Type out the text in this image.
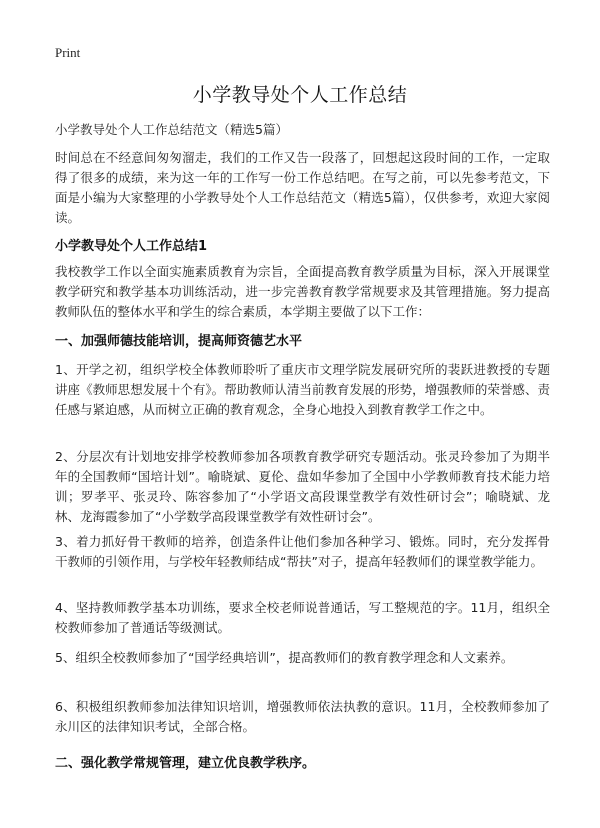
Print
小学教导处个人工作总结
小学教导处个人工作总结范文（精选5篇）
时间总在不经意间匆匆溜走，我们的工作又告一段落了，回想起这段时间的工作，一定取得了很多的成绩，来为这一年的工作写一份工作总结吧。在写之前，可以先参考范文，下面是小编为大家整理的小学教导处个人工作总结范文（精选5篇），仅供参考，欢迎大家阅读。
小学教导处个人工作总结1
我校教学工作以全面实施素质教育为宗旨，全面提高教育教学质量为目标，深入开展课堂教学研究和教学基本功训练活动，进一步完善教育教学常规要求及其管理措施。努力提高教师队伍的整体水平和学生的综合素质，本学期主要做了以下工作：
一、加强师德技能培训，提高师资德艺水平
1、开学之初，组织学校全体教师聆听了重庆市文理学院发展研究所的裴跃进教授的专题讲座《教师思想发展十个有》。帮助教师认清当前教育发展的形势，增强教师的荣誉感、责任感与紧迫感，从而树立正确的教育观念，全身心地投入到教育教学工作之中。
2、分层次有计划地安排学校教师参加各项教育教学研究专题活动。张灵玲参加了为期半年的全国教师“国培计划”。喻晓斌、夏伦、盘如华参加了全国中小学教师教育技术能力培训；罗孝平、张灵玲、陈容参加了“小学语文高段课堂教学有效性研讨会”；喻晓斌、龙林、龙海霞参加了“小学数学高段课堂教学有效性研讨会”。
3、着力抓好骨干教师的培养，创造条件让他们参加各种学习、锻炼。同时，充分发挥骨干教师的引领作用，与学校年轻教师结成“帮扶”对子，提高年轻教师们的课堂教学能力。
4、坚持教师教学基本功训练，要求全校老师说普通话，写工整规范的字。11月，组织全校教师参加了普通话等级测试。
5、组织全校教师参加了“国学经典培训”，提高教师们的教育教学理念和人文素养。
6、积极组织教师参加法律知识培训，增强教师依法执教的意识。11月，全校教师参加了永川区的法律知识考试，全部合格。
二、强化教学常规管理，建立优良教学秩序。
